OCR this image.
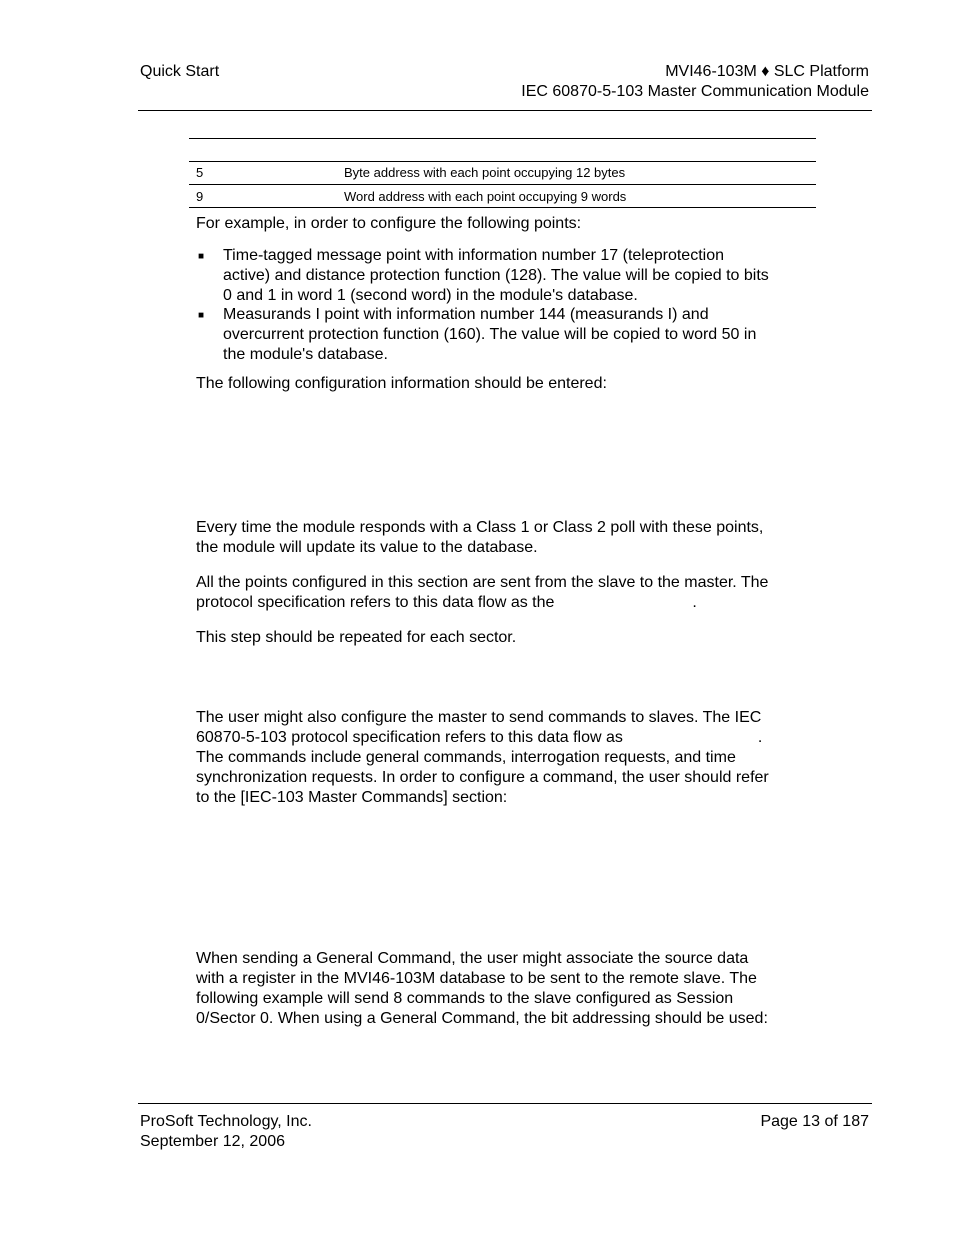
Quick Start	MVI46-103M ♦ SLC Platform
IEC 60870-5-103 Master Communication Module
5	Byte address with each point occupying 12 bytes
9	Word address with each point occupying 9 words

For example, in order to configure the following points:

■ Time-tagged message point with information number 17 (teleprotection
active) and distance protection function (128). The value will be copied to bits
0 and 1 in word 1 (second word) in the module's database.
■ Measurands I point with information number 144 (measurands I) and
overcurrent protection function (160). The value will be copied to word 50 in
the module's database.

The following configuration information should be entered:

Every time the module responds with a Class 1 or Class 2 poll with these points,
the module will update its value to the database.
All the points configured in this section are sent from the slave to the master. The
protocol specification refers to this data flow as the	.

This step should be repeated for each sector.

The user might also configure the master to send commands to slaves. The IEC
60870-5-103 protocol specification refers to this data flow as	.
The commands include general commands, interrogation requests, and time
synchronization requests. In order to configure a command, the user should refer
to the [IEC-103 Master Commands] section:
When sending a General Command, the user might associate the source data
with a register in the MVI46-103M database to be sent to the remote slave. The
following example will send 8 commands to the slave configured as Session
0/Sector 0. When using a General Command, the bit addressing should be used:
ProSoft Technology, Inc.
September 12, 2006
Page 13 of 187
